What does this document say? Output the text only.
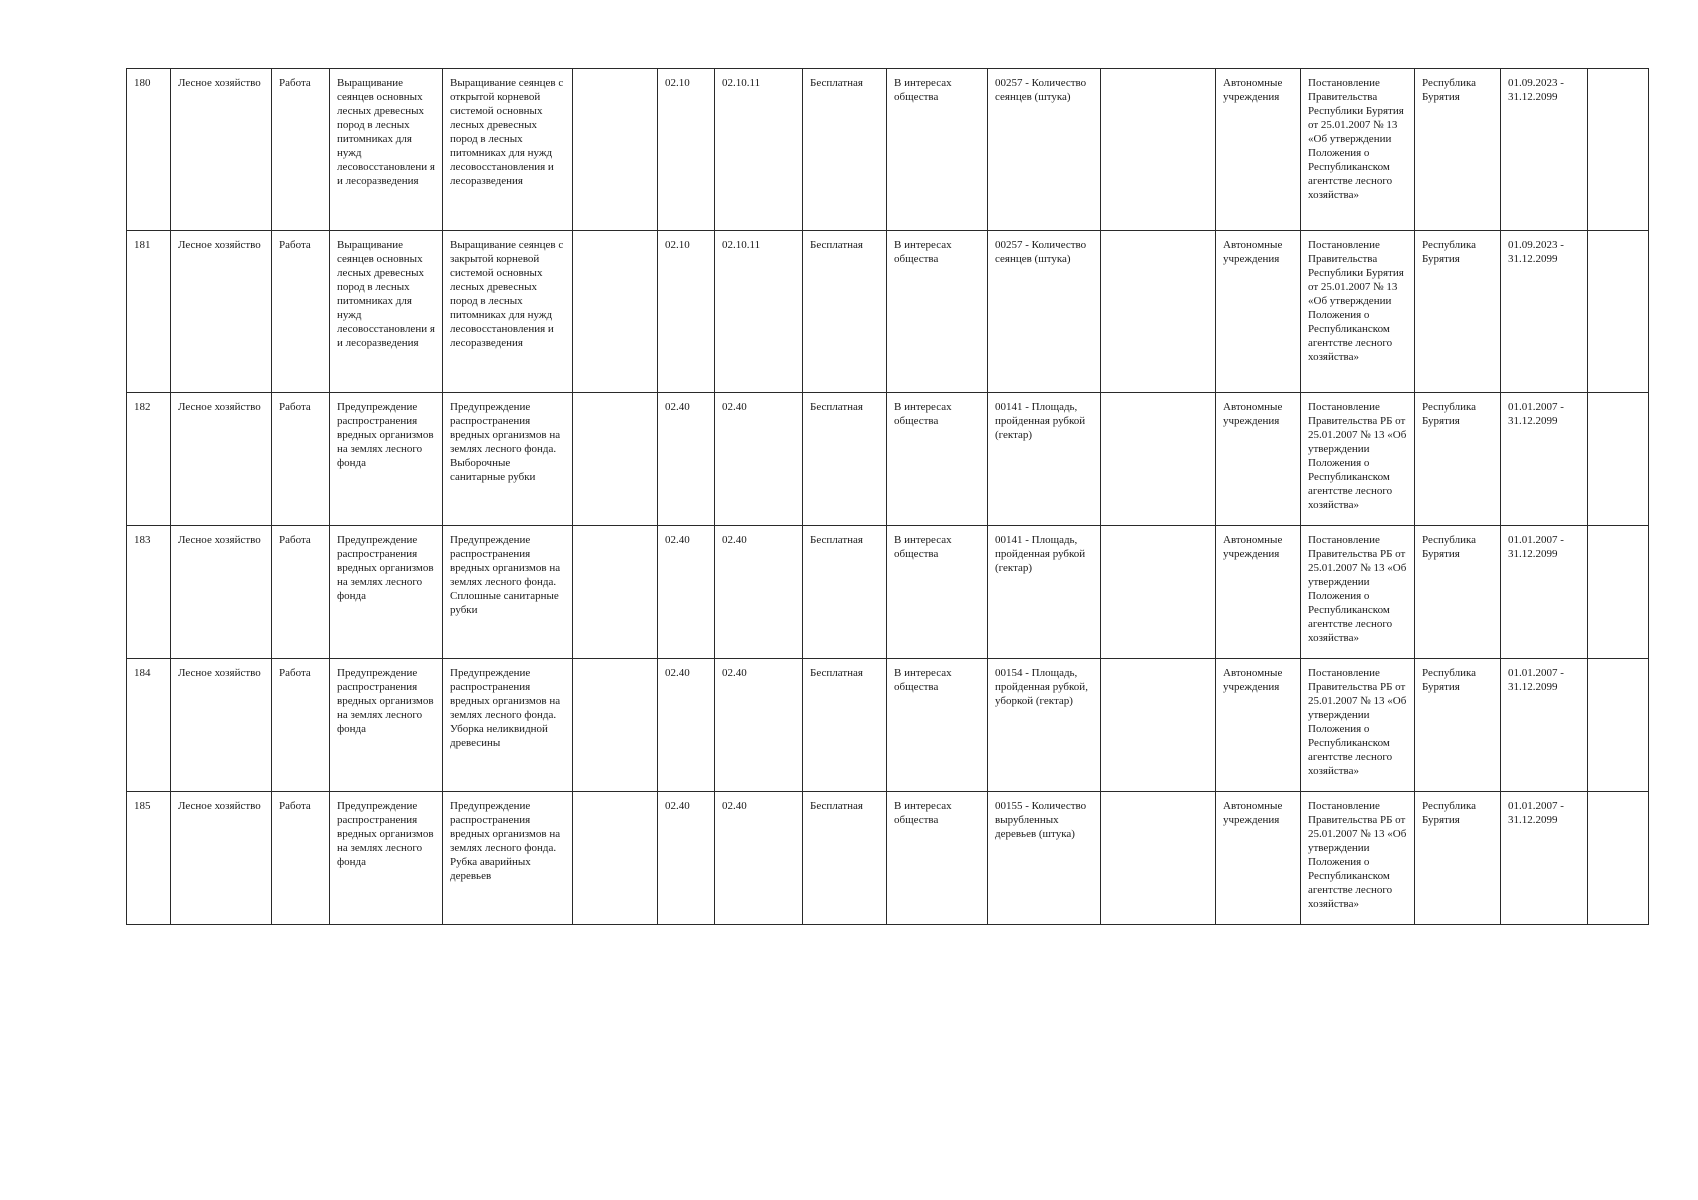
180	Лесное хозяйство	Работа	Выращивание сеянцев основных лесных древесных пород в лесных питомниках для нужд лесовосстановлени я и лесоразведения	Выращивание сеянцев с открытой корневой системой основных лесных древесных пород в лесных питомниках для нужд лесовосстановления и лесоразведения		02.10	02.10.11	Бесплатная	В интересах общества	00257 - Количество сеянцев (штука)		Автономные учреждения	Постановление Правительства Республики Бурятия от 25.01.2007 № 13 «Об утверждении Положения о Республиканском агентстве лесного хозяйства»	Республика Бурятия	01.09.2023 - 31.12.2099	
181	Лесное хозяйство	Работа	Выращивание сеянцев основных лесных древесных пород в лесных питомниках для нужд лесовосстановлени я и лесоразведения	Выращивание сеянцев с закрытой корневой системой основных лесных древесных пород в лесных питомниках для нужд лесовосстановления и лесоразведения		02.10	02.10.11	Бесплатная	В интересах общества	00257 - Количество сеянцев (штука)		Автономные учреждения	Постановление Правительства Республики Бурятия от 25.01.2007 № 13 «Об утверждении Положения о Республиканском агентстве лесного хозяйства»	Республика Бурятия	01.09.2023 - 31.12.2099	
182	Лесное хозяйство	Работа	Предупреждение распространения вредных организмов на землях лесного фонда	Предупреждение распространения вредных организмов на землях лесного фонда. Выборочные санитарные рубки		02.40	02.40	Бесплатная	В интересах общества	00141 - Площадь, пройденная рубкой (гектар)		Автономные учреждения	Постановление Правительства РБ от 25.01.2007 № 13 «Об утверждении Положения о Республиканском агентстве лесного хозяйства»	Республика Бурятия	01.01.2007 - 31.12.2099	
183	Лесное хозяйство	Работа	Предупреждение распространения вредных организмов на землях лесного фонда	Предупреждение распространения вредных организмов на землях лесного фонда. Сплошные санитарные рубки		02.40	02.40	Бесплатная	В интересах общества	00141 - Площадь, пройденная рубкой (гектар)		Автономные учреждения	Постановление Правительства РБ от 25.01.2007 № 13 «Об утверждении Положения о Республиканском агентстве лесного хозяйства»	Республика Бурятия	01.01.2007 - 31.12.2099	
184	Лесное хозяйство	Работа	Предупреждение распространения вредных организмов на землях лесного фонда	Предупреждение распространения вредных организмов на землях лесного фонда. Уборка неликвидной древесины		02.40	02.40	Бесплатная	В интересах общества	00154 - Площадь, пройденная рубкой, уборкой (гектар)		Автономные учреждения	Постановление Правительства РБ от 25.01.2007 № 13 «Об утверждении Положения о Республиканском агентстве лесного хозяйства»	Республика Бурятия	01.01.2007 - 31.12.2099	
185	Лесное хозяйство	Работа	Предупреждение распространения вредных организмов на землях лесного фонда	Предупреждение распространения вредных организмов на землях лесного фонда. Рубка аварийных деревьев		02.40	02.40	Бесплатная	В интересах общества	00155 - Количество вырубленных деревьев (штука)		Автономные учреждения	Постановление Правительства РБ от 25.01.2007 № 13 «Об утверждении Положения о Республиканском агентстве лесного хозяйства»	Республика Бурятия	01.01.2007 - 31.12.2099	
